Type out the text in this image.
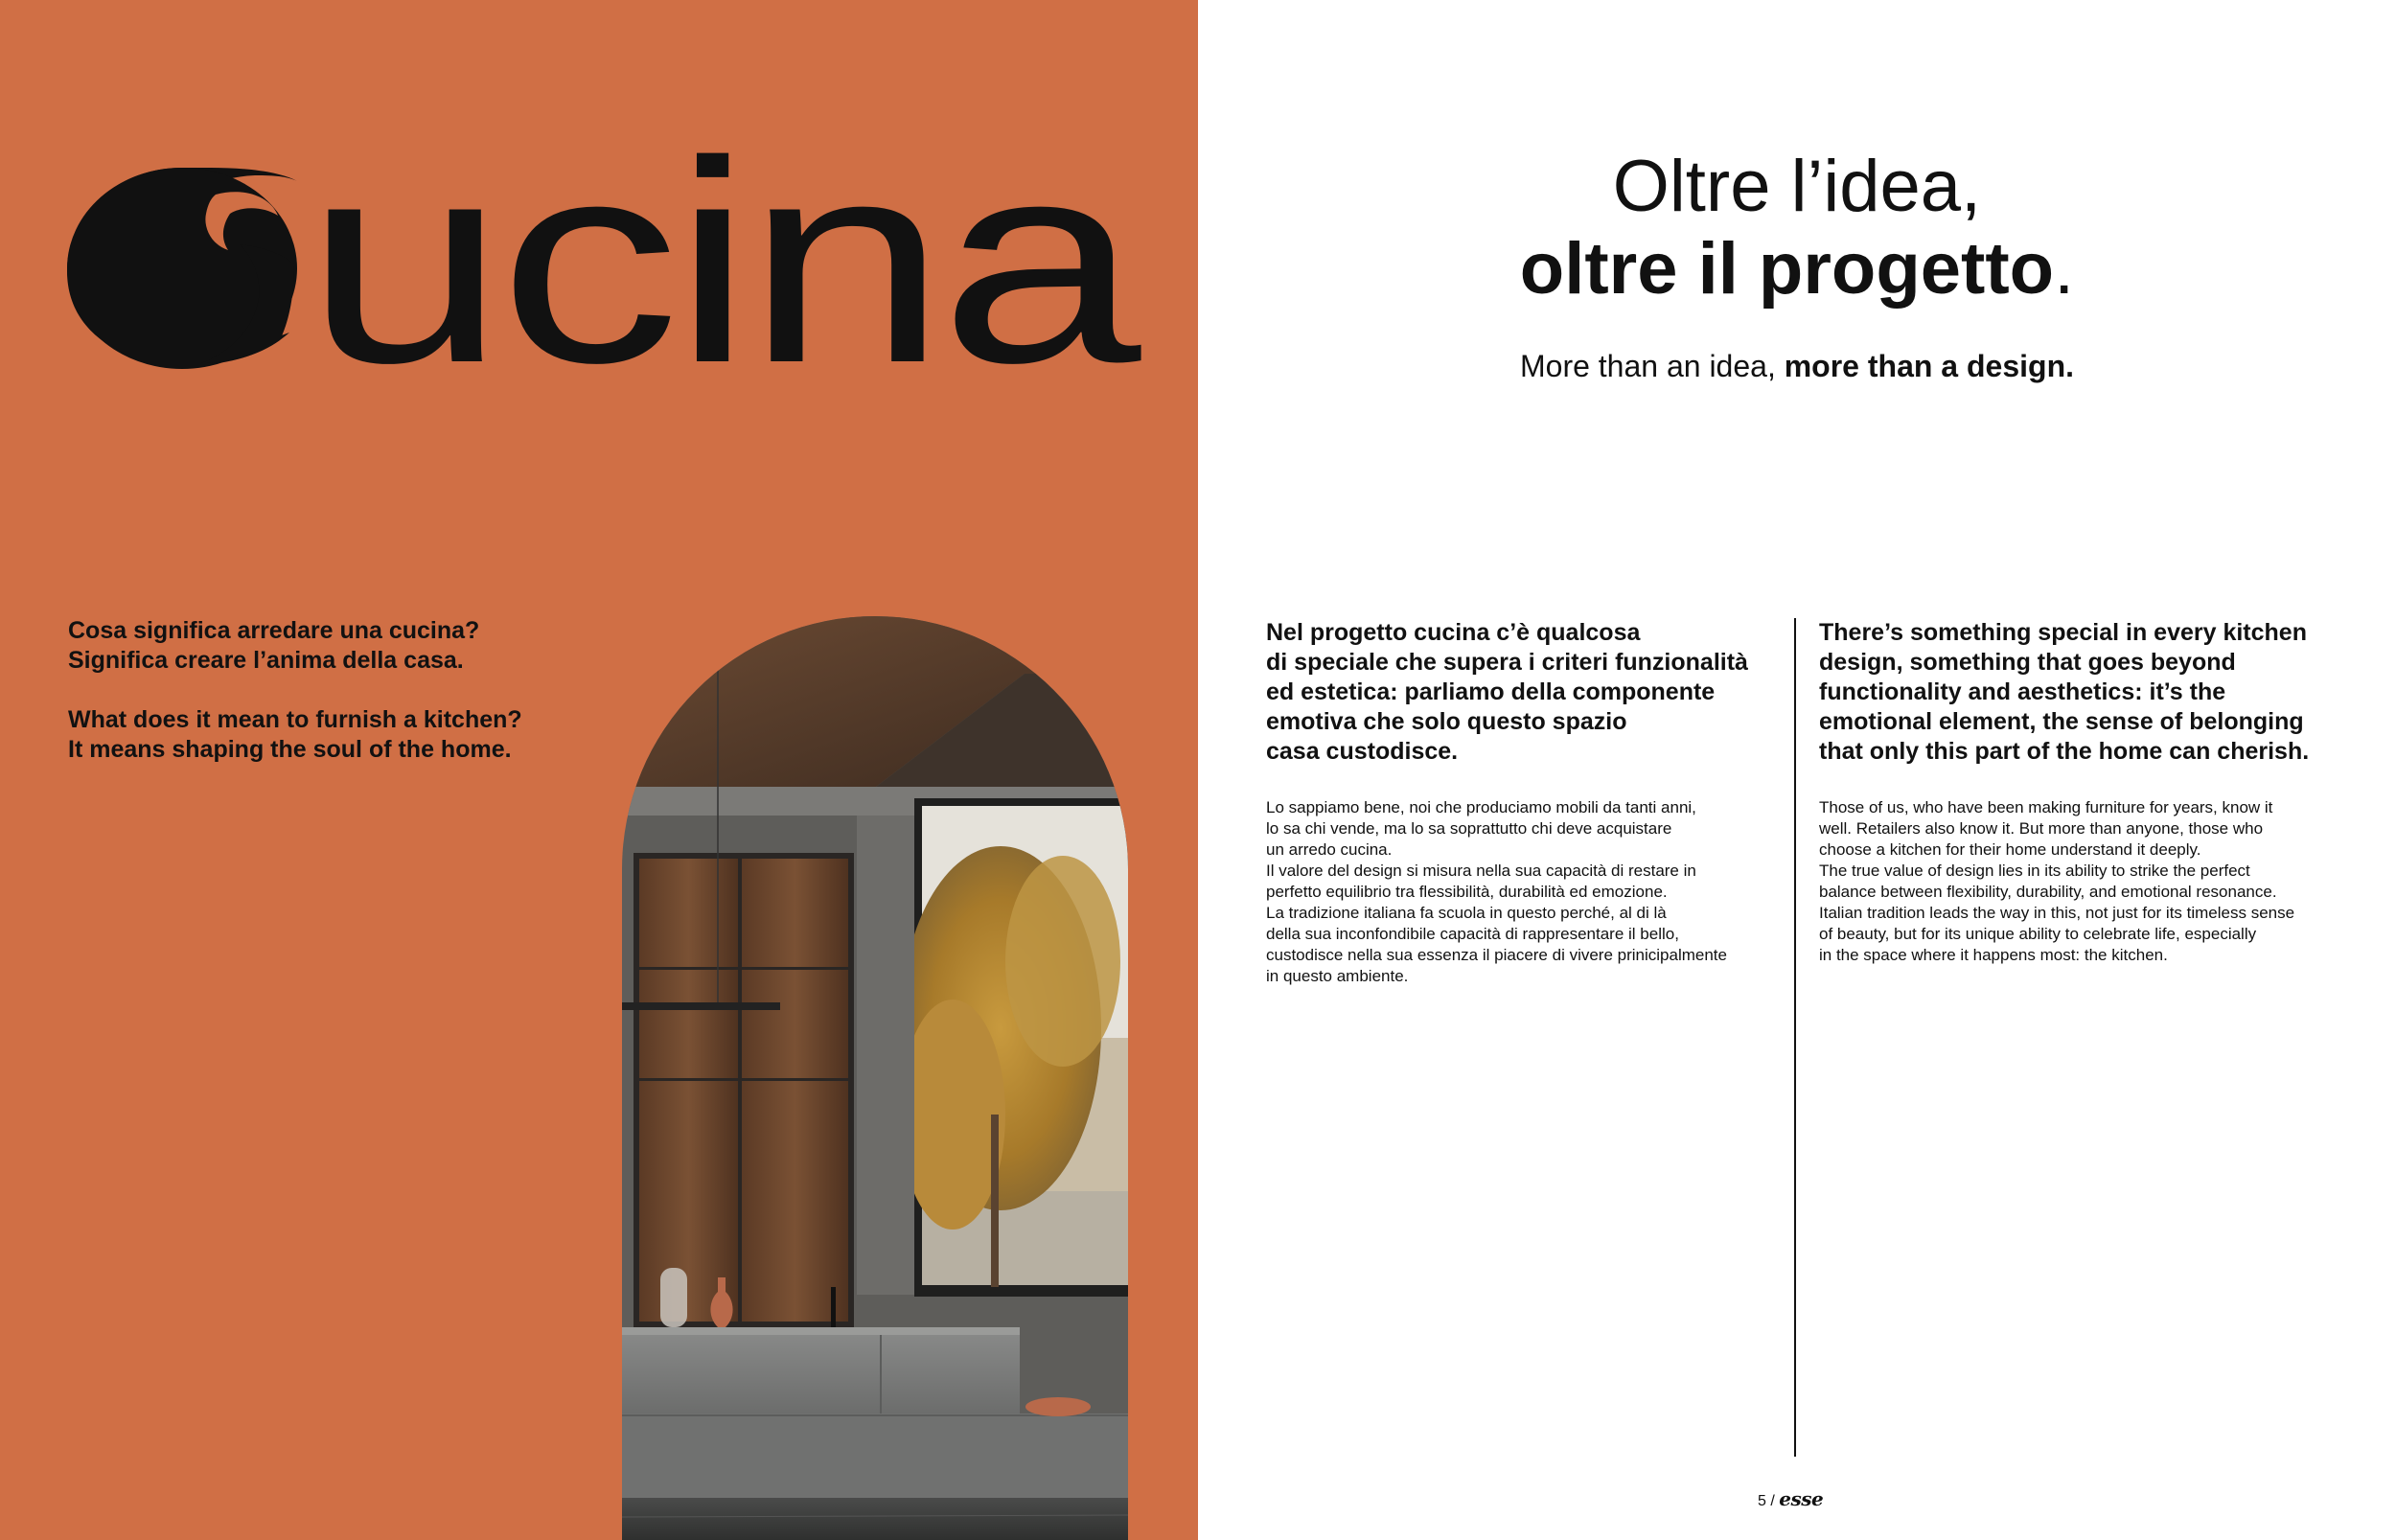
ucina

Cosa significa arredare una cucina?

Significa creare l’anima della casa.

What does it mean to furnish a kitchen?

It means shaping the soul of the home.

Oltre l’idea,
oltre il progetto.
More than an idea, more than a design.

Nel progetto cucina c’è qualcosa
di speciale che supera i criteri funzionalità
ed estetica: parliamo della componente
emotiva che solo questo spazio
casa custodisce.

Lo sappiamo bene, noi che produciamo mobili da tanti anni,
lo sa chi vende, ma lo sa soprattutto chi deve acquistare
un arredo cucina.
Il valore del design si misura nella sua capacità di restare in
perfetto equilibrio tra flessibilità, durabilità ed emozione.
La tradizione italiana fa scuola in questo perché, al di là
della sua inconfondibile capacità di rappresentare il bello,
custodisce nella sua essenza il piacere di vivere prinicipalmente
in questo ambiente.

There’s something special in every kitchen
design, something that goes beyond
functionality and aesthetics: it’s the
emotional element, the sense of belonging
that only this part of the home can cherish.

Those of us, who have been making furniture for years, know it
well. Retailers also know it. But more than anyone, those who
choose a kitchen for their home understand it deeply.
The true value of design lies in its ability to strike the perfect
balance between flexibility, durability, and emotional resonance.
Italian tradition leads the way in this, not just for its timeless sense
of beauty, but for its unique ability to celebrate life, especially
in the space where it happens most: the kitchen.

5 / esse
